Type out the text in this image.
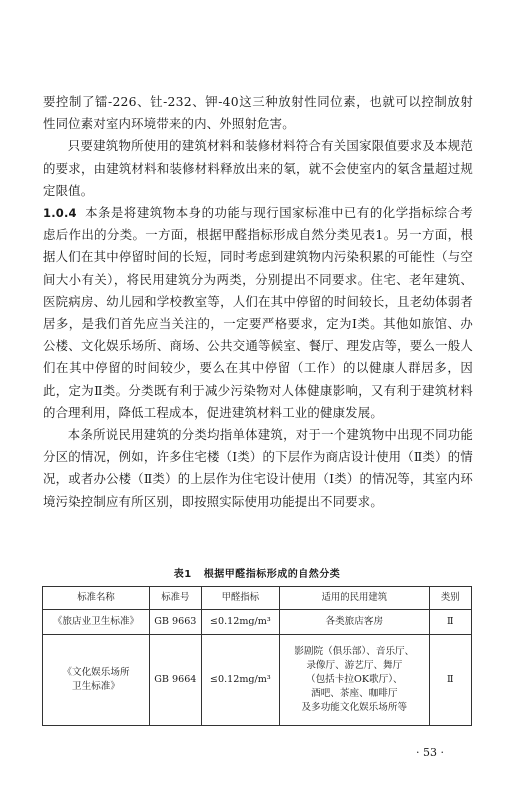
要控制了镭-226、钍-232、钾-40这三种放射性同位素，也就可以控制放射性同位素对室内环境带来的内、外照射危害。

只要建筑物所使用的建筑材料和装修材料符合有关国家限值要求及本规范的要求，由建筑材料和装修材料释放出来的氡，就不会使室内的氡含量超过规定限值。

1.0.4 本条是将建筑物本身的功能与现行国家标准中已有的化学指标综合考虑后作出的分类。一方面，根据甲醛指标形成自然分类见表1。另一方面，根据人们在其中停留时间的长短，同时考虑到建筑物内污染积累的可能性（与空间大小有关），将民用建筑分为两类，分别提出不同要求。住宅、老年建筑、医院病房、幼儿园和学校教室等，人们在其中停留的时间较长，且老幼体弱者居多，是我们首先应当关注的，一定要严格要求，定为Ⅰ类。其他如旅馆、办公楼、文化娱乐场所、商场、公共交通等候室、餐厅、理发店等，要么一般人们在其中停留的时间较少，要么在其中停留（工作）的以健康人群居多，因此，定为Ⅱ类。分类既有利于减少污染物对人体健康影响，又有利于建筑材料的合理利用，降低工程成本，促进建筑材料工业的健康发展。

本条所说民用建筑的分类均指单体建筑，对于一个建筑物中出现不同功能分区的情况，例如，许多住宅楼（Ⅰ类）的下层作为商店设计使用（Ⅱ类）的情况，或者办公楼（Ⅱ类）的上层作为住宅设计使用（Ⅰ类）的情况等，其室内环境污染控制应有所区别，即按照实际使用功能提出不同要求。

表1 根据甲醛指标形成的自然分类
标准名称	标准号	甲醛指标	适用的民用建筑	类别
《旅店业卫生标准》	GB 9663	≤0.12mg/m³	各类旅店客房	Ⅱ

《文化娱乐场所
卫生标准》	GB 9664	≤0.12mg/m³	影剧院（俱乐部）、音乐厅、
录像厅、游艺厅、舞厅
（包括卡拉OK歌厅）、
酒吧、茶座、咖啡厅
及多功能文化娱乐场所等	Ⅱ
· 53 ·
